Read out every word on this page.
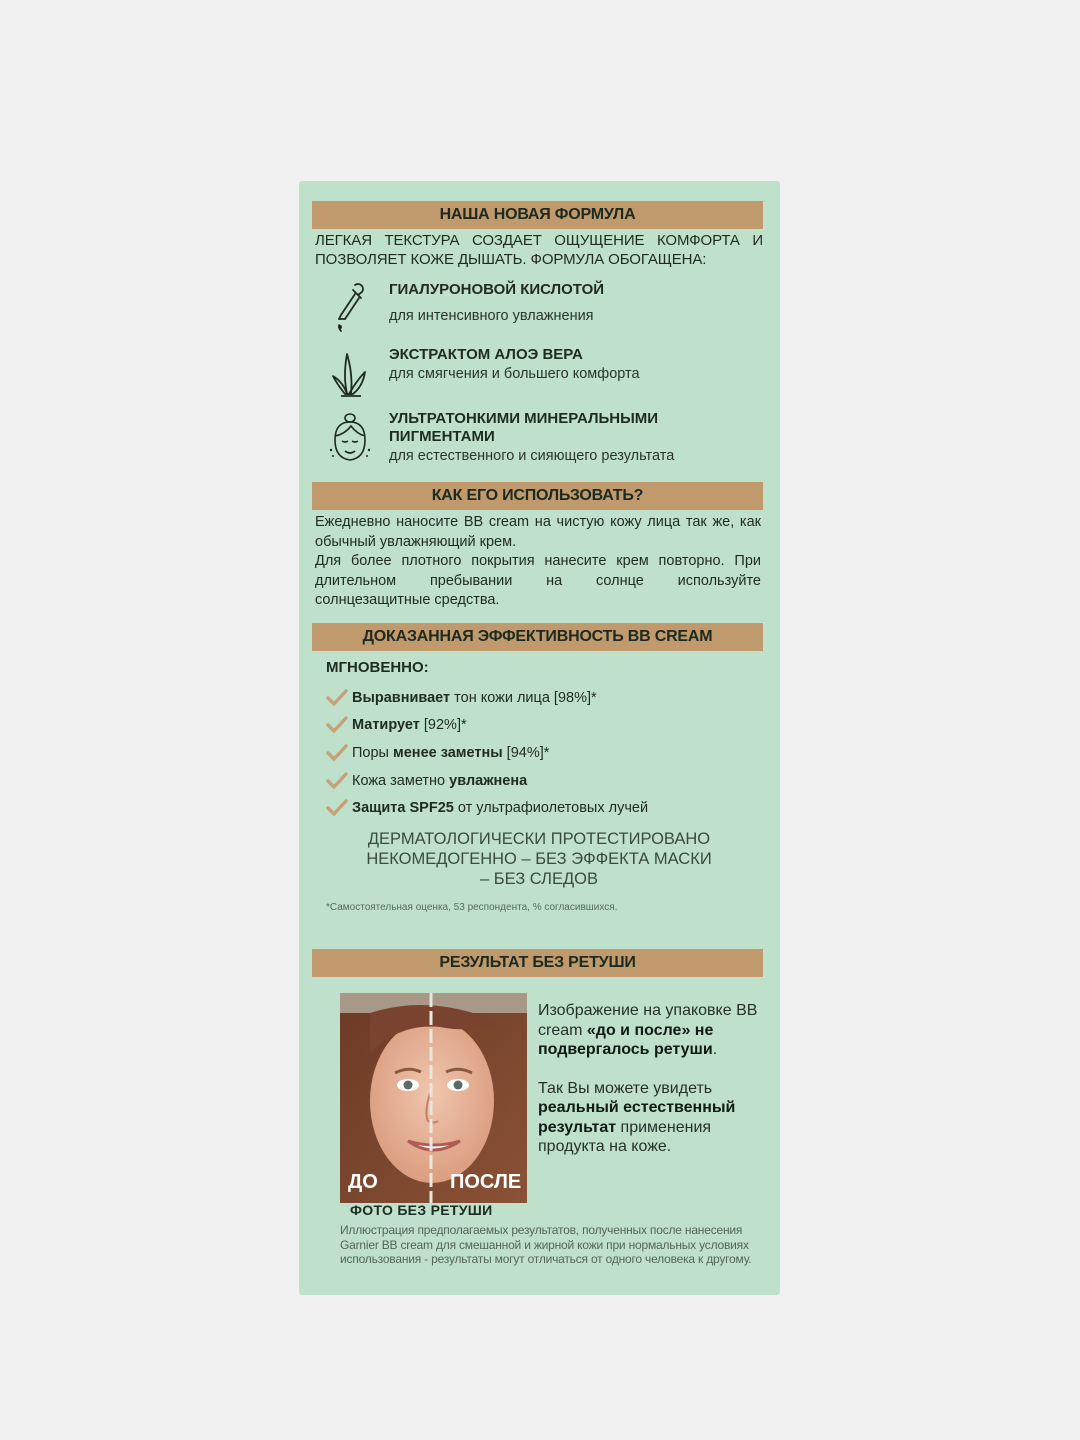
НАША НОВАЯ ФОРМУЛА
ЛЕГКАЯ ТЕКСТУРА СОЗДАЕТ ОЩУЩЕНИЕ КОМФОРТА И ПОЗВОЛЯЕТ КОЖЕ ДЫШАТЬ. ФОРМУЛА ОБОГАЩЕНА:
ГИАЛУРОНОВОЙ КИСЛОТОЙ
для интенсивного увлажнения
ЭКСТРАКТОМ АЛОЭ ВЕРА
для смягчения и большего комфорта
УЛЬТРАТОНКИМИ МИНЕРАЛЬНЫМИ ПИГМЕНТАМИ
для естественного и сияющего результата
КАК ЕГО ИСПОЛЬЗОВАТЬ?

Ежедневно наносите BB cream на чистую кожу лица так же, как обычный увлажняющий крем.

Для более плотного покрытия нанесите крем повторно. При длительном пребывании на солнце используйте солнцезащитные средства.

ДОКАЗАННАЯ ЭФФЕКТИВНОСТЬ BB CREAM
МГНОВЕННО:
Выравнивает тон кожи лица [98%]*
Матирует [92%]*
Поры менее заметны [94%]*
Кожа заметно увлажнена
Защита SPF25 от ультрафиолетовых лучей
ДЕРМАТОЛОГИЧЕСКИ ПРОТЕСТИРОВАНО
НЕКОМЕДОГЕННО – БЕЗ ЭФФЕКТА МАСКИ
– БЕЗ СЛЕДОВ
*Самостоятельная оценка, 53 респондента, % согласившихся.
РЕЗУЛЬТАТ БЕЗ РЕТУШИ
ДО	ПОСЛЕ
ФОТО БЕЗ РЕТУШИ

Изображение на упаковке BB cream «до и после» не подвергалось ретуши.

Так Вы можете увидеть реальный естественный результат применения продукта на коже.

Иллюстрация предполагаемых результатов, полученных после нанесения Garnier BB cream для смешанной и жирной кожи при нормальных условиях использования - результаты могут отличаться от одного человека к другому.
